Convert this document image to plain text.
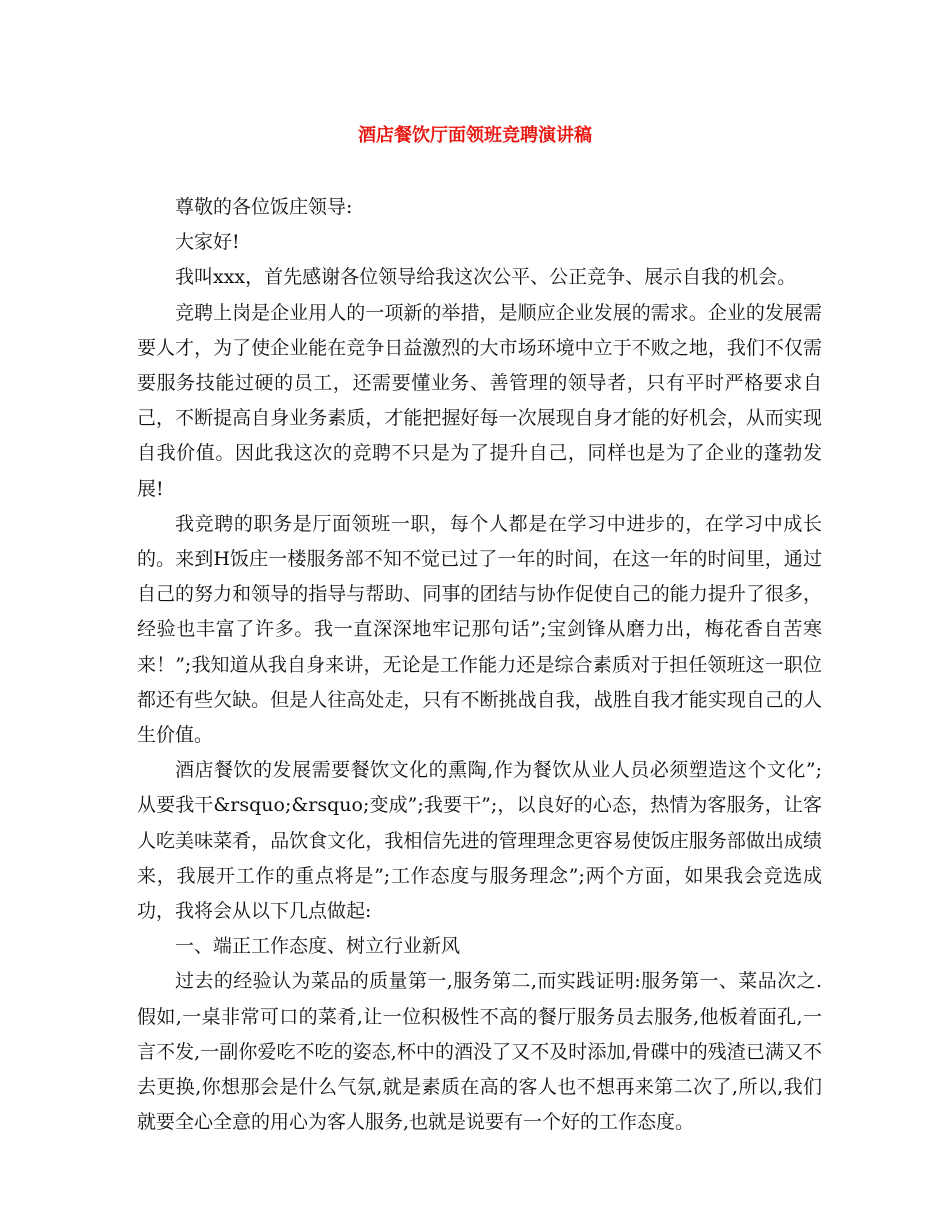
酒店餐饮厅面领班竞聘演讲稿

尊敬的各位饭庄领导:

大家好!

我叫xxx，首先感谢各位领导给我这次公平、公正竞争、展示自我的机会。

竞聘上岗是企业用人的一项新的举措，是顺应企业发展的需求。企业的发展需要人才，为了使企业能在竞争日益激烈的大市场环境中立于不败之地，我们不仅需要服务技能过硬的员工，还需要懂业务、善管理的领导者，只有平时严格要求自己，不断提高自身业务素质，才能把握好每一次展现自身才能的好机会，从而实现自我价值。因此我这次的竞聘不只是为了提升自己，同样也是为了企业的蓬勃发展!

我竞聘的职务是厅面领班一职，每个人都是在学习中进步的，在学习中成长的。来到H饭庄一楼服务部不知不觉已过了一年的时间，在这一年的时间里，通过自己的努力和领导的指导与帮助、同事的团结与协作促使自己的能力提升了很多，经验也丰富了许多。我一直深深地牢记那句话”;宝剑锋从磨力出，梅花香自苦寒来！”;我知道从我自身来讲，无论是工作能力还是综合素质对于担任领班这一职位都还有些欠缺。但是人往高处走，只有不断挑战自我，战胜自我才能实现自己的人生价值。

酒店餐饮的发展需要餐饮文化的熏陶,作为餐饮从业人员必须塑造这个文化”;从要我干&rsquo;&rsquo;变成”;我要干”;，以良好的心态，热情为客服务，让客人吃美味菜肴，品饮食文化，我相信先进的管理理念更容易使饭庄服务部做出成绩来，我展开工作的重点将是”;工作态度与服务理念”;两个方面，如果我会竞选成功，我将会从以下几点做起:

一、端正工作态度、树立行业新风

过去的经验认为菜品的质量第一,服务第二,而实践证明:服务第一、菜品次之.假如,一桌非常可口的菜肴,让一位积极性不高的餐厅服务员去服务,他板着面孔,一言不发,一副你爱吃不吃的姿态,杯中的酒没了又不及时添加,骨碟中的残渣已满又不去更换,你想那会是什么气氛,就是素质在高的客人也不想再来第二次了,所以,我们就要全心全意的用心为客人服务,也就是说要有一个好的工作态度。
